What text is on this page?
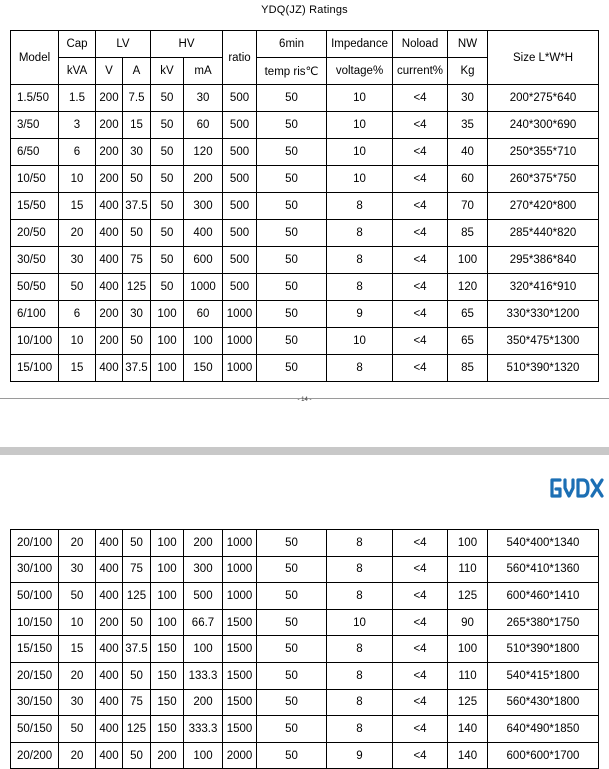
YDQ(JZ) Ratings
Model	Cap	LV		HV		ratio	6min	Impedance	Noload	NW	Size L*W*H
	kVA	V	A	kV	mA		temp ris℃	voltage%	current%	Kg	
1.5/50	1.5	200	7.5	50	30	500	50	10	<4	30	200*275*640
3/50	3	200	15	50	60	500	50	10	<4	35	240*300*690
6/50	6	200	30	50	120	500	50	10	<4	40	250*355*710
10/50	10	200	50	50	200	500	50	10	<4	60	260*375*750
15/50	15	400	37.5	50	300	500	50	8	<4	70	270*420*800
20/50	20	400	50	50	400	500	50	8	<4	85	285*440*820
30/50	30	400	75	50	600	500	50	8	<4	100	295*386*840
50/50	50	400	125	50	1000	500	50	8	<4	120	320*416*910
6/100	6	200	30	100	60	1000	50	9	<4	65	330*330*1200
10/100	10	200	50	100	100	1000	50	10	<4	65	350*475*1300
15/100	15	400	37.5	100	150	1000	50	8	<4	85	510*390*1320
- 14 -
20/100	20	400	50	100	200	1000	50	8	<4	100	540*400*1340
30/100	30	400	75	100	300	1000	50	8	<4	110	560*410*1360
50/100	50	400	125	100	500	1000	50	8	<4	125	600*460*1410
10/150	10	200	50	100	66.7	1500	50	10	<4	90	265*380*1750
15/150	15	400	37.5	150	100	1500	50	8	<4	100	510*390*1800
20/150	20	400	50	150	133.3	1500	50	8	<4	110	540*415*1800
30/150	30	400	75	150	200	1500	50	8	<4	125	560*430*1800
50/150	50	400	125	150	333.3	1500	50	8	<4	140	640*490*1850
20/200	20	400	50	200	100	2000	50	9	<4	140	600*600*1700
